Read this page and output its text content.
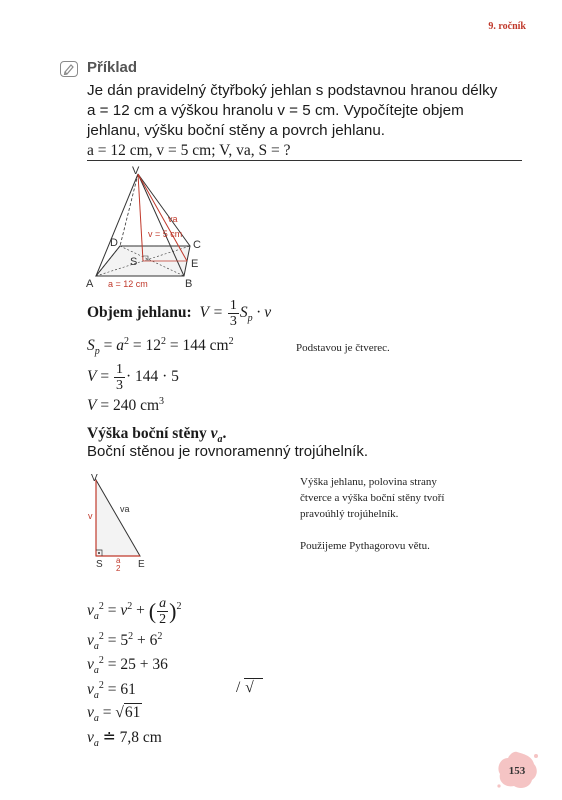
9. ročník
Příklad

Je dán pravidelný čtyřboký jehlan s podstavnou hranou délky

a = 12 cm a výškou hranolu v = 5 cm. Vypočítejte objem

jehlanu, výšku boční stěny a povrch jehlanu.

a = 12 cm, v = 5 cm; V, va, S = ?
V
A	B
C
D
E
S
va
v = 5 cm
a = 12 cm
Objem jehlanu:  $V = \frac{1}{3} S_p \cdot v$
$S_p = a^2 = 12^2 = 144$ $cm^2$
Podstavou je čtverec.
$V = \frac{1}{3} \cdot 144 \cdot 5$
V = 240 $cm^3$
Výška boční stěny $v_a$.
Boční stěnou je rovnoramenný trojúhelník.
V
v
va
S	E
a
2
Výška jehlanu, polovina strany čtverce a výška boční stěny tvoří pravoúhlý trojúhelník.
Použijeme Pythagorovu větu.
$v_a^2 = v^2$ + ( $\frac{a}{2} )^2$
$v_a^2 = 5^2 + 6^2$
$v_a^2 = 25 + 36$
$v_a^2 = 61$	/ √
$v_a = √61$
$v_a$ ≐ 7,8 cm
153
